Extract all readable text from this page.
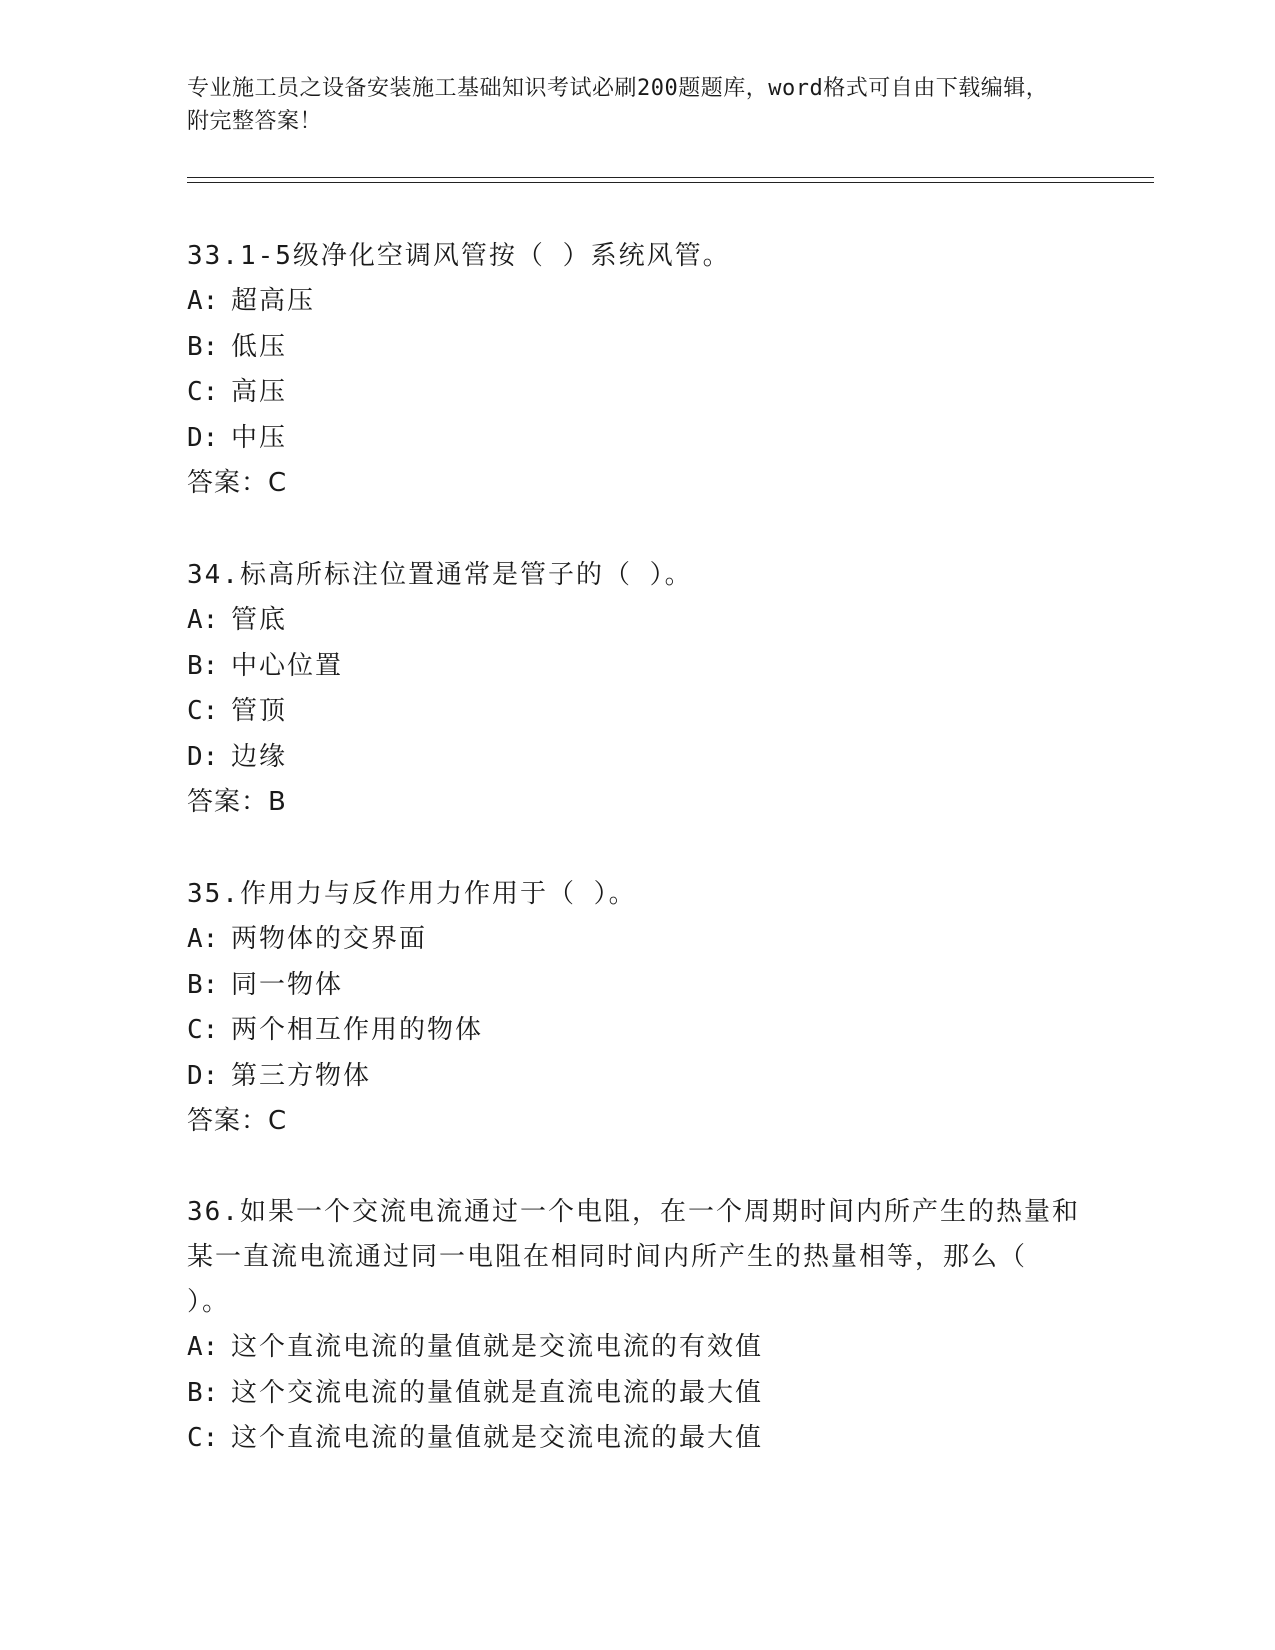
专业施工员之设备安装施工基础知识考试必刷200题题库，word格式可自由下载编辑，附完整答案！
33.1-5级净化空调风管按（ ）系统风管。
A: 超高压
B: 低压
C: 高压
D: 中压
答案：C
34.标高所标注位置通常是管子的（ ）。
A: 管底
B: 中心位置
C: 管顶
D: 边缘
答案：B
35.作用力与反作用力作用于（ ）。
A: 两物体的交界面
B: 同一物体
C: 两个相互作用的物体
D: 第三方物体
答案：C
36.如果一个交流电流通过一个电阻，在一个周期时间内所产生的热量和某一直流电流通过同一电阻在相同时间内所产生的热量相等，那么（ ）。
A: 这个直流电流的量值就是交流电流的有效值
B: 这个交流电流的量值就是直流电流的最大值
C: 这个直流电流的量值就是交流电流的最大值
